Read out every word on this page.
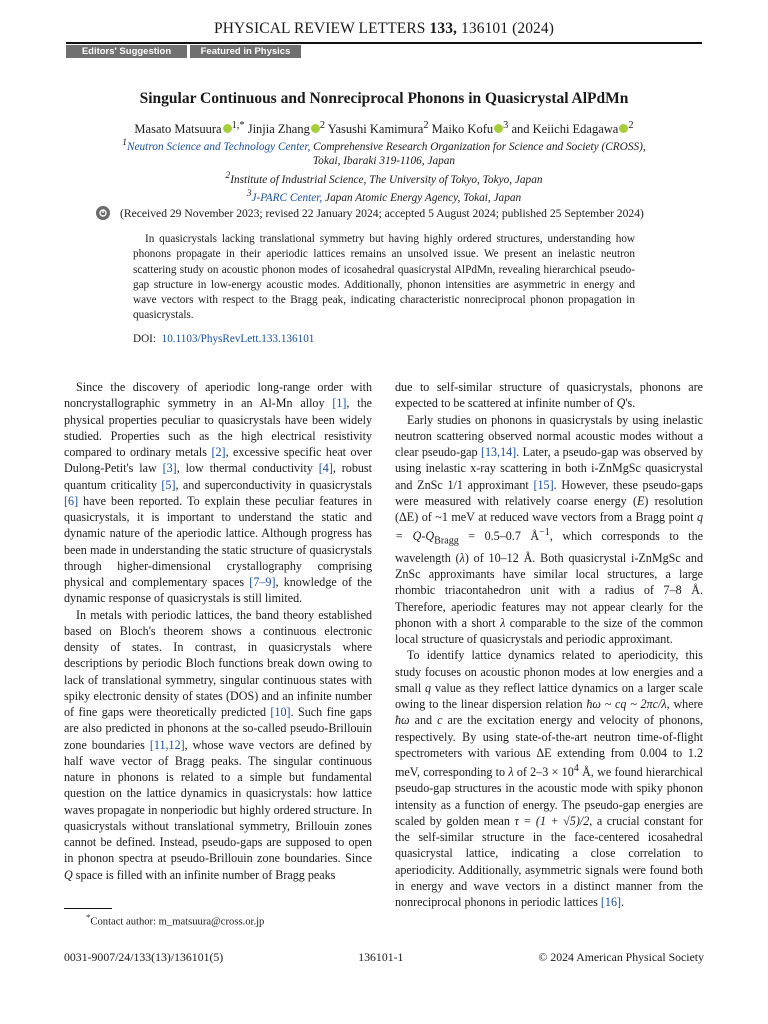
PHYSICAL REVIEW LETTERS 133, 136101 (2024)
Editors' Suggestion	Featured in Physics
Singular Continuous and Nonreciprocal Phonons in Quasicrystal AlPdMn
Masato Matsuura $^{1,*}$ Jinjia Zhang $^2$ Yasushi Kamimura$^2$ Maiko Kofu $^3$ and Keiichi Edagawa $^2$
$^1$Neutron Science and Technology Center, Comprehensive Research Organization for Science and Society (CROSS),
Tokai, Ibaraki 319-1106, Japan
$^2$Institute of Industrial Science, The University of Tokyo, Tokyo, Japan
$^3$J-PARC Center, Japan Atomic Energy Agency, Tokai, Japan
(Received 29 November 2023; revised 22 January 2024; accepted 5 August 2024; published 25 September 2024)
In quasicrystals lacking translational symmetry but having highly ordered structures, understanding how phonons propagate in their aperiodic lattices remains an unsolved issue. We present an inelastic neutron scattering study on acoustic phonon modes of icosahedral quasicrystal AlPdMn, revealing hierarchical pseudo-gap structure in low-energy acoustic modes. Additionally, phonon intensities are asymmetric in energy and wave vectors with respect to the Bragg peak, indicating characteristic nonreciprocal phonon propagation in quasicrystals.
DOI: 10.1103/PhysRevLett.133.136101

Since the discovery of aperiodic long-range order with noncrystallographic symmetry in an Al-Mn alloy [1], the physical properties peculiar to quasicrystals have been widely studied. Properties such as the high electrical resistivity compared to ordinary metals [2], excessive specific heat over Dulong-Petit's law [3], low thermal conductivity [4], robust quantum criticality [5], and superconductivity in quasicrystals [6] have been reported. To explain these peculiar features in quasicrystals, it is important to understand the static and dynamic nature of the aperiodic lattice. Although progress has been made in understanding the static structure of quasicrystals through higher-dimensional crystallography comprising physical and complementary spaces [7–9], knowledge of the dynamic response of quasicrystals is still limited.

In metals with periodic lattices, the band theory established based on Bloch's theorem shows a continuous electronic density of states. In contrast, in quasicrystals where descriptions by periodic Bloch functions break down owing to lack of translational symmetry, singular continuous states with spiky electronic density of states (DOS) and an infinite number of fine gaps were theoretically predicted [10]. Such fine gaps are also predicted in phonons at the so-called pseudo-Brillouin zone boundaries [11,12], whose wave vectors are defined by half wave vector of Bragg peaks. The singular continuous nature in phonons is related to a simple but fundamental question on the lattice dynamics in quasicrystals: how lattice waves propagate in nonperiodic but highly ordered structure. In quasicrystals without translational symmetry, Brillouin zones cannot be defined. Instead, pseudo-gaps are supposed to open in phonon spectra at pseudo-Brillouin zone boundaries. Since Q space is filled with an infinite number of Bragg peaks

due to self-similar structure of quasicrystals, phonons are expected to be scattered at infinite number of Q's.

Early studies on phonons in quasicrystals by using inelastic neutron scattering observed normal acoustic modes without a clear pseudo-gap [13,14]. Later, a pseudo-gap was observed by using inelastic x-ray scattering in both i-ZnMgSc quasicrystal and ZnSc 1/1 approximant [15]. However, these pseudo-gaps were measured with relatively coarse energy (E) resolution (ΔE) of ~1 meV at reduced wave vectors from a Bragg point $q = Q-Q_{Bragg} = 0.5-0.7$ $Å^{-1}$, which corresponds to the wavelength (λ) of 10–12 Å. Both quasicrystal i-ZnMgSc and ZnSc approximants have similar local structures, a large rhombic triacontahedron unit with a radius of 7–8 Å. Therefore, aperiodic features may not appear clearly for the phonon with a short λ comparable to the size of the common local structure of quasicrystals and periodic approximant.

To identify lattice dynamics related to aperiodicity, this study focuses on acoustic phonon modes at low energies and a small q value as they reflect lattice dynamics on a larger scale owing to the linear dispersion relation ħω ~ cq ~ 2πc/λ, where ħω and c are the excitation energy and velocity of phonons, respectively. By using state-of-the-art neutron time-of-flight spectrometers with various ΔE extending from 0.004 to 1.2 meV, corresponding to λ of $2-3 \times 10^4$ Å, we found hierarchical pseudo-gap structures in the acoustic mode with spiky phonon intensity as a function of energy. The pseudo-gap energies are scaled by golden mean τ = (1 + √5)/2, a crucial constant for the self-similar structure in the face-centered icosahedral quasicrystal lattice, indicating a close correlation to aperiodicity. Additionally, asymmetric signals were found both in energy and wave vectors in a distinct manner from the nonreciprocal phonons in periodic lattices [16].

*Contact author: m_matsuura@cross.or.jp
0031-9007/24/133(13)/136101(5)	136101-1	© 2024 American Physical Society
